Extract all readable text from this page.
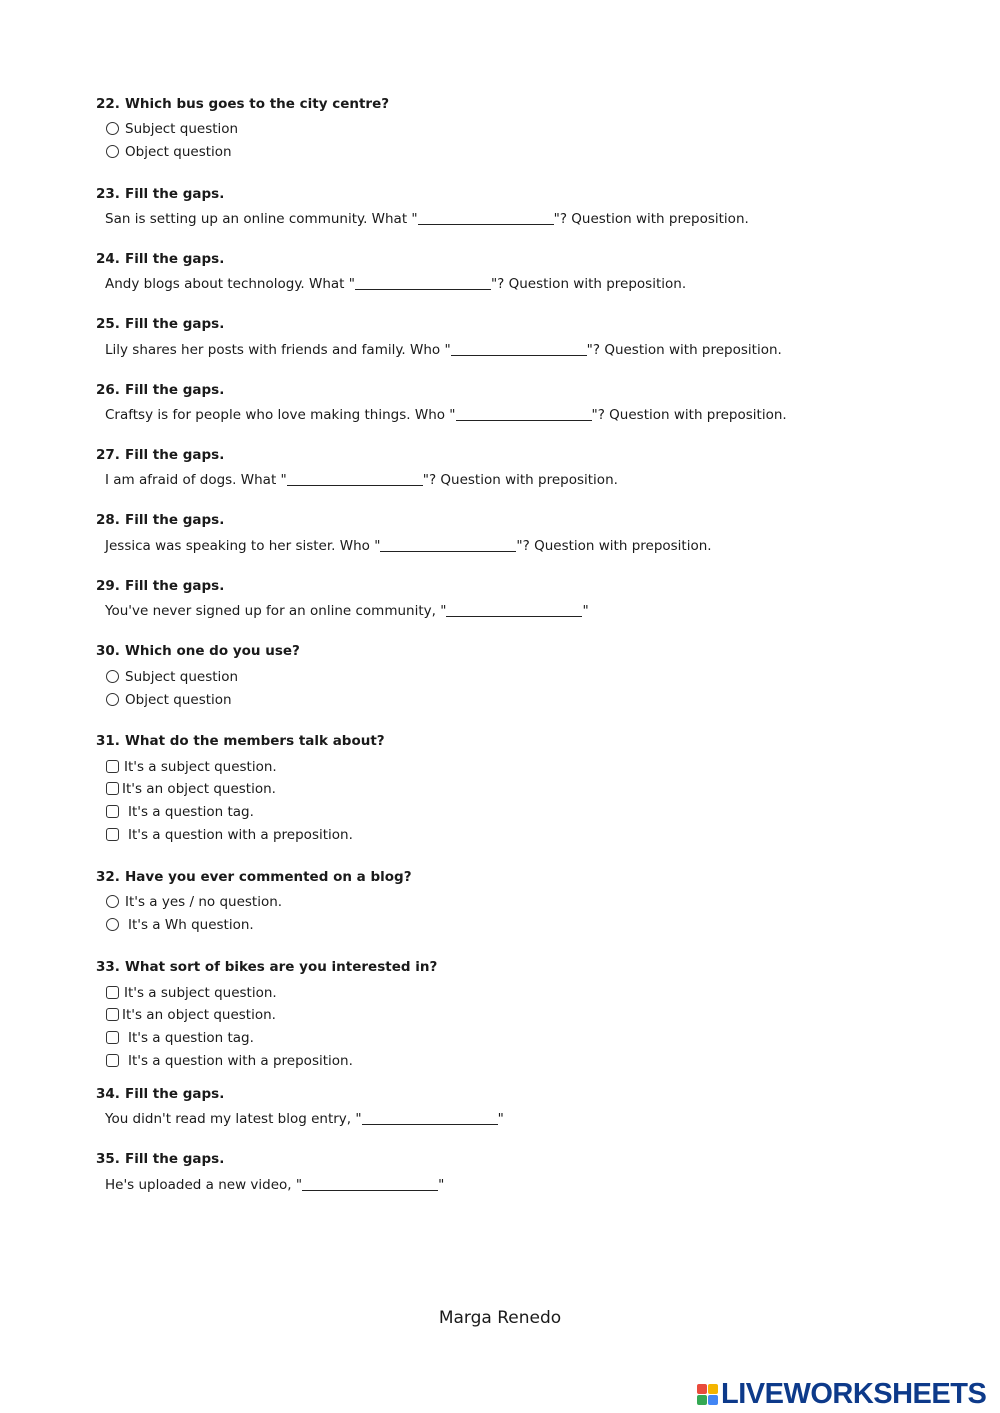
22. Which bus goes to the city centre?
Subject question
Object question
23. Fill the gaps.
San is setting up an online community. What "	"? Question with preposition.
24. Fill the gaps.
Andy blogs about technology. What "	"? Question with preposition.
25. Fill the gaps.
Lily shares her posts with friends and family. Who "	"? Question with preposition.
26. Fill the gaps.
Craftsy is for people who love making things. Who "	"? Question with preposition.
27. Fill the gaps.
I am afraid of dogs. What "	"? Question with preposition.
28. Fill the gaps.
Jessica was speaking to her sister. Who "	"? Question with preposition.
29. Fill the gaps.
You've never signed up for an online community, "	"
30. Which one do you use?
Subject question
Object question
31. What do the members talk about?
It's a subject question.
It's an object question.
It's a question tag.
It's a question with a preposition.
32. Have you ever commented on a blog?
It's a yes / no question.
It's a Wh question.
33. What sort of bikes are you interested in?
It's a subject question.
It's an object question.
It's a question tag.
It's a question with a preposition.
34. Fill the gaps.
You didn't read my latest blog entry, "	"
35. Fill the gaps.
He's uploaded a new video, "	"
Marga Renedo
LIVEWORKSHEETS
